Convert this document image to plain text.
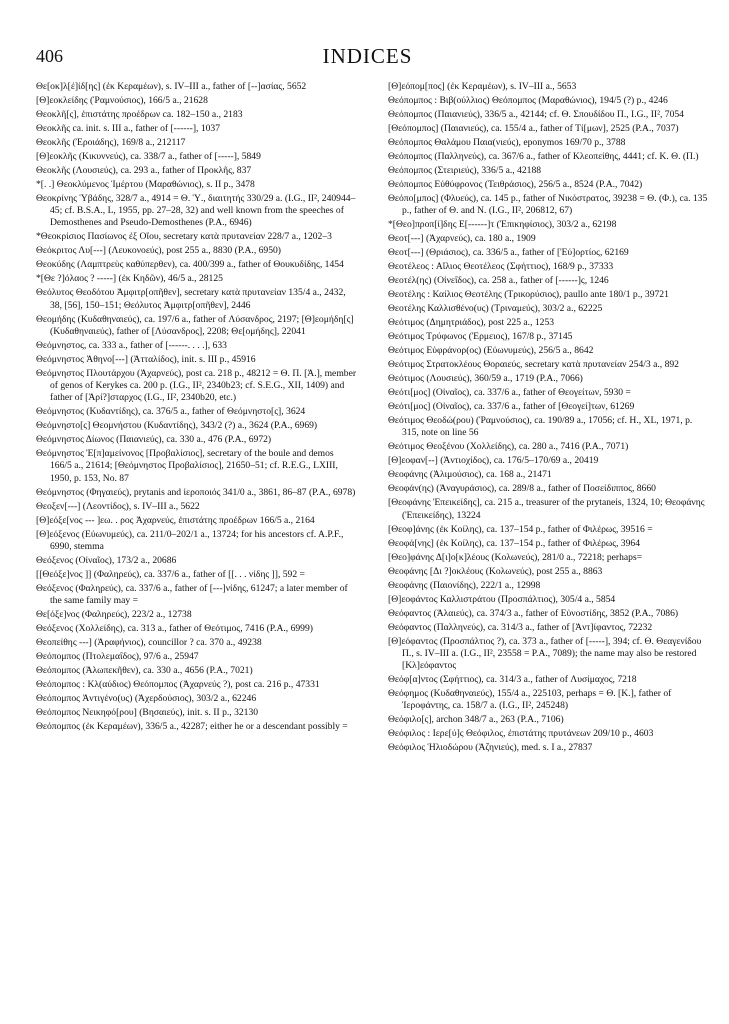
406	INDICES

Θε[οκ]λ[έ]ίδ[ης] (ἐκ Κεραμέων), s. IV–III a., father of [--]ασίας, 5652

[Θ]εοκλείδης (Ῥαμνούσιος), 166/5 a., 21628

Θεοκλῆ[ς], ἐπιστάτης προέδρων ca. 182–150 a., 2183

Θεοκλῆς ca. init. s. III a., father of [------], 1037

Θεοκλῆς (Ἐροιάδης), 169/8 a., 212117

[Θ]εοκλῆς (Κικυννεύς), ca. 338/7 a., father of [-----], 5849

Θεοκλῆς (Λουσιεύς), ca. 293 a., father of Προκλῆς, 837

*[. .] Θεοκλύμενος Ἱμέρτου (Μαραθώνιος), s. II p., 3478

Θεοκρίνης Ὑβάδης, 328/7 a., 4914 = Θ. Ὑ., διαιτητής 330/29 a. (I.G., II², 240944–45; cf. B.S.A., L, 1955, pp. 27–28, 32) and well known from the speeches of Demosthenes and Pseudo-Demosthenes (P.A., 6946)

*Θεοκρίσιος Πασίωνος ἐξ Οἴου, secretary κατὰ πρυτανείαν 228/7 a., 1202–3

Θεόκριτος Λυ[---] (Λευκονοεύς), post 255 a., 8830 (P.A., 6950)

Θεοκύδης (Λαμπτρεὺς καθύπερθεν), ca. 400/399 a., father of Θουκυδίδης, 1454

*[Θε ?]όλαος ? -----] (ἐκ Κηδῶν), 46/5 a., 28125

Θεόλυτος Θεοδότου Ἀμφιτρ[οπῆθεν], secretary κατὰ πρυτανείαν 135/4 a., 2432, 38, [56], 150–151; Θεόλυτος Ἀμφιτρ[οπῆθεν], 2446

Θεομήδης (Κυδαθηναιεύς), ca. 197/6 a., father of Λύσανδρος, 2197; [Θ]εομήδη[ς] (Κυδαθηναιεύς), father of [Λύσανδρος], 2208; Θε[ομήδης], 22041

Θεόμνηστος, ca. 333 a., father of [------. . . .], 633

Θεόμνηστος Ἀθηνο[---] (Ἀτταλίδος), init. s. III p., 45916

Θεόμνηστος Πλουτάρχου (Ἀχαρνεύς), post ca. 218 p., 48212 = Θ. Π. [Ἀ.], member of genos of Kerykes ca. 200 p. (I.G., II², 2340b23; cf. S.E.G., XII, 1409) and father of [Ἀρί?]σταρχος (I.G., II², 2340b20, etc.)

Θεόμνηστος (Κυδαντίδης), ca. 376/5 a., father of Θεόμνηστο[ς], 3624

Θεόμνηστο[ς] Θεομνήστου (Κυδαντίδης), 343/2 (?) a., 3624 (P.A., 6969)

Θεόμνηστος Δίωνος (Παιανιεύς), ca. 330 a., 476 (P.A., 6972)

Θεόμνηστος Ἐ[π]αμείνονος [Προβαλίσιος], secretary of the boule and demos 166/5 a., 21614; [Θεόμνηστος Προβαλίσιος], 21650–51; cf. R.E.G., LXIII, 1950, p. 153, No. 87

Θεόμνηστος (Φηγαιεύς), prytanis and ἱεροποιός 341/0 a., 3861, 86–87 (P.A., 6978)

Θεοξεν[---] (Λεοντίδος), s. IV–III a., 5622

[Θ]εόξε[νος --- ]εω. . ρος Ἀχαρνεύς, ἐπιστάτης προέδρων 166/5 a., 2164

[Θ]εόξενος (Εὐωνυμεύς), ca. 211/0–202/1 a., 13724; for his ancestors cf. A.P.F., 6990, stemma

Θεόξενος (Οἰναῖος), 173/2 a., 20686

[[Θεόξε]νος ]] (Φαληρεύς), ca. 337/6 a., father of [[. . . νίδης ]], 592 =

Θεόξενος (Φαληρεύς), ca. 337/6 a., father of [---]νίδης, 61247; a later member of the same family may =

Θε[όξε]νος (Φαληρεύς), 223/2 a., 12738

Θεόξενος (Χολλείδης), ca. 313 a., father of Θεότιμος, 7416 (P.A., 6999)

Θεοπείθης ---] (Ἀραφήνιος), councillor ? ca. 370 a., 49238

Θεόπομπος (Πτολεμαΐδος), 97/6 a., 25947

Θεόπομπος (Ἀλωπεκῆθεν), ca. 330 a., 4656 (P.A., 7021)

Θεόπομπος : Κλ(αύδιος) Θεόπομπος (Ἀχαρνεύς ?), post ca. 216 p., 47331

Θεόπομπος Ἀντιγένο(υς) (Ἀχερδούσιος), 303/2 a., 62246

Θεόπομπος Νεικηφό[ρου] (Βησαιεύς), init. s. II p., 32130

Θεόπομπος (ἐκ Κεραμέων), 336/5 a., 42287; either he or a descendant possibly =

[Θ]εόπομ[πος] (ἐκ Κεραμέων), s. IV–III a., 5653

Θεόπομπος : Βιβ(ούλλιος) Θεόπομπος (Μαραθώνιος), 194/5 (?) p., 4246

Θεόπομπος (Παιανιεύς), 336/5 a., 42144; cf. Θ. Σπουδίδου Π., I.G., II², 7054

[Θεόπομπος] (Παιανιεύς), ca. 155/4 a., father of Τί[μων], 2525 (P.A., 7037)

Θεόπομπος Θαλάμου Παια(νιεύς), eponymos 169/70 p., 3788

Θεόπομπος (Παλληνεύς), ca. 367/6 a., father of Κλεοπείθης, 4441; cf. Κ. Θ. (Π.)

Θεόπομπος (Στειριεύς), 336/5 a., 42188

Θεόπομπος Εὐθύφρονος (Τειθράσιος), 256/5 a., 8524 (P.A., 7042)

Θεόπο[μπος] (Φλυεύς), ca. 145 p., father of Νικόστρατος, 39238 = Θ. (Φ.), ca. 135 p., father of Θ. and Ν. (I.G., II², 206812, 67)

*[Θεο]προπ[ί]δης Ε[------]τ (Ἐπικηφίσιος), 303/2 a., 62198

Θεοτ[---] (Ἀχαρνεύς), ca. 180 a., 1909

Θεοτ[---] (Θριάσιος), ca. 336/5 a., father of [Ἐύ]ορτίος, 62169

Θεοτέλεος : Αἴλιος Θεοτέλεος (Σφήττιος), 168/9 p., 37333

Θεοτέλ(ης) (Οἰνεΐδος), ca. 258 a., father of [------]ς, 1246

Θεοτέλης : Καίλιος Θεοτέλης (Τρικορύσιος), paullo ante 180/1 p., 39721

Θεοτέλης Καλλισθένο(υς) (Τριναμεύς), 303/2 a., 62225

Θεότιμος (Δημητριάδος), post 225 a., 1253

Θεότιμος Τρύφωνος (Ἐρμειος), 167/8 p., 37145

Θεότιμος Εὐφράνορ(ος) (Εὐωνυμεύς), 256/5 a., 8642

Θεότιμος Στρατοκλέους Θοραιεύς, secretary κατὰ πρυτανείαν 254/3 a., 892

Θεότιμος (Λουσιεύς), 360/59 a., 1719 (P.A., 7066)

Θεότι[μος] (Οἰναῖος), ca. 337/6 a., father of Θεογείτων, 5930 =

Θεότι[μος] (Οἰναῖος), ca. 337/6 a., father of [Θεογεί]των, 61269

Θεότιμος Θεοδώ(ρου) (Ῥαμνούσιος), ca. 190/89 a., 17056; cf. H., XL, 1971, p. 315, note on line 56

Θεότιμος Θεοξένου (Χολλείδης), ca. 280 a., 7416 (P.A., 7071)

[Θ]εοφαν[--] (Ἀντιοχίδος), ca. 176/5–170/69 a., 20419

Θεοφάνης (Ἁλιμούσιος), ca. 168 a., 21471

Θεοφάν(ης) (Ἀναγυράσιος), ca. 289/8 a., father of Ποσείδιππος, 8660

[Θεοφάνης Ἐπεικείδης], ca. 215 a., treasurer of the prytaneis, 1324, 10; Θεοφάνης (Ἐπεικείδης), 13224

[Θεοφ]άνης (ἐκ Κοίλης), ca. 137–154 p., father of Φιλέρως, 39516 =

Θεοφά[νης] (ἐκ Κοίλης), ca. 137–154 p., father of Φιλέρως, 3964

[Θεο]φάνης Δ[ι]ο[κ]λέους (Κολωνεύς), 281/0 a., 72218; perhaps=

Θεοφάνης [Δι ?]οκλέους (Κολωνεύς), post 255 a., 8863

Θεοφάνης (Παιονίδης), 222/1 a., 12998

[Θ]εοφάντος Καλλιστράτου (Προσπάλτιος), 305/4 a., 5854

Θεόφαντος (Ἁλαιεύς), ca. 374/3 a., father of Εὐνοστίδης, 3852 (P.A., 7086)

Θεόφαντος (Παλληνεύς), ca. 314/3 a., father of [Ἀντ]ίφαντος, 72232

[Θ]εόφαντος (Προσπάλτιος ?), ca. 373 a., father of [-----], 394; cf. Θ. Θεαγενίδου Π., s. IV–III a. (I.G., II², 23558 = P.A., 7089); the name may also be restored [Κλ]εόφαντος

Θεόφ[α]ντος (Σφήττιος), ca. 314/3 a., father of Λυσίμαχος, 7218

Θεόφημος (Κυδαθηναιεύς), 155/4 a., 225103, perhaps = Θ. [Κ.], father of Ἱεροφάντης, ca. 158/7 a. (I.G., II², 245248)

Θεόφιλο[ς], archon 348/7 a., 263 (P.A., 7106)

Θεόφιλος : Ιερε[ύ]ς Θεόφιλος, ἐπιστάτης πρυτάνεων 209/10 p., 4603

Θεόφιλος Ἡλιοδώρου (Ἀζηνιεύς), med. s. I a., 27837
